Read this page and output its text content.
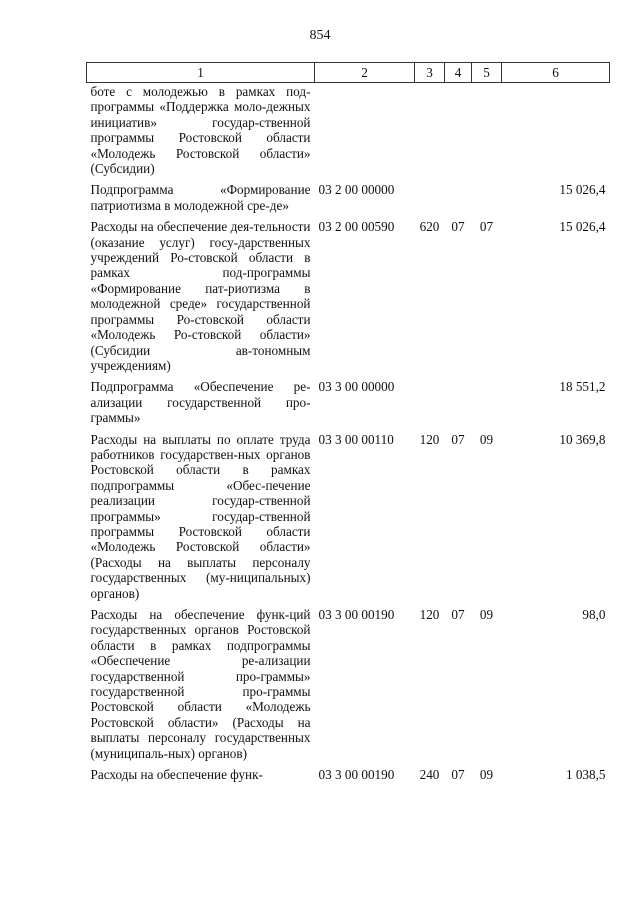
854
1	2	3	4	5	6
боте с молодежью в рамках под-программы «Поддержка моло-дежных инициатив» государ-ственной программы Ростовской области «Молодежь Ростовской области» (Субсидии)					
Подпрограмма «Формирование патриотизма в молодежной сре-де»	03 2 00 00000				15 026,4
Расходы на обеспечение дея-тельности (оказание услуг) госу-дарственных учреждений Ро-стовской области в рамках под-программы «Формирование пат-риотизма в молодежной среде» государственной программы Ро-стовской области «Молодежь Ро-стовской области» (Субсидии ав-тономным учреждениям)	03 2 00 00590	620	07	07	15 026,4
Подпрограмма «Обеспечение ре-ализации государственной про-граммы»	03 3 00 00000				18 551,2
Расходы на выплаты по оплате труда работников государствен-ных органов Ростовской области в рамках подпрограммы «Обес-печение реализации государ-ственной программы» государ-ственной программы Ростовской области «Молодежь Ростовской области» (Расходы на выплаты персоналу государственных (му-ниципальных) органов)	03 3 00 00110	120	07	09	10 369,8
Расходы на обеспечение функ-ций государственных органов Ростовской области в рамках подпрограммы «Обеспечение ре-ализации государственной про-граммы» государственной про-граммы Ростовской области «Молодежь Ростовской области» (Расходы на выплаты персоналу государственных (муниципаль-ных) органов)	03 3 00 00190	120	07	09	98,0
Расходы на обеспечение функ-	03 3 00 00190	240	07	09	1 038,5
